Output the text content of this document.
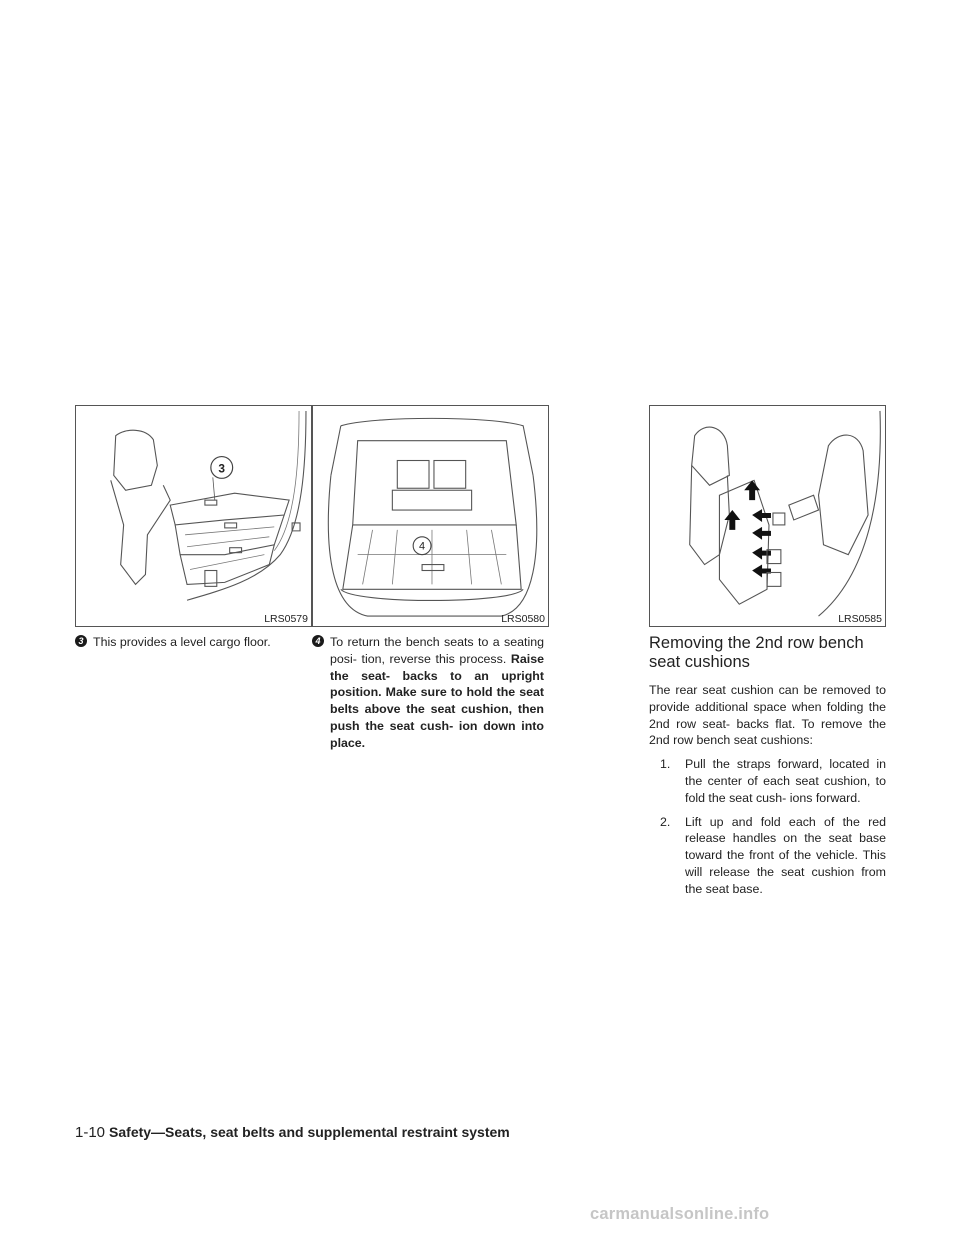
3
LRS0579
4
LRS0580	LRS0585
3 This provides a level cargo floor.	4 To return the bench seats to a seating posi- tion, reverse this process. Raise the seat- backs to an upright position. Make sure to hold the seat belts above the seat cushion, then push the seat cush- ion down into place.
Removing the 2nd row bench seat cushions

The rear seat cushion can be removed to provide additional space when folding the 2nd row seat- backs flat. To remove the 2nd row bench seat cushions:

1. Pull the straps forward, located in the center of each seat cushion, to fold the seat cush- ions forward.
2. Lift up and fold each of the red release handles on the seat base toward the front of the vehicle. This will release the seat cushion from the seat base.
1-10 Safety—Seats, seat belts and supplemental restraint system
carmanualsonline.info
